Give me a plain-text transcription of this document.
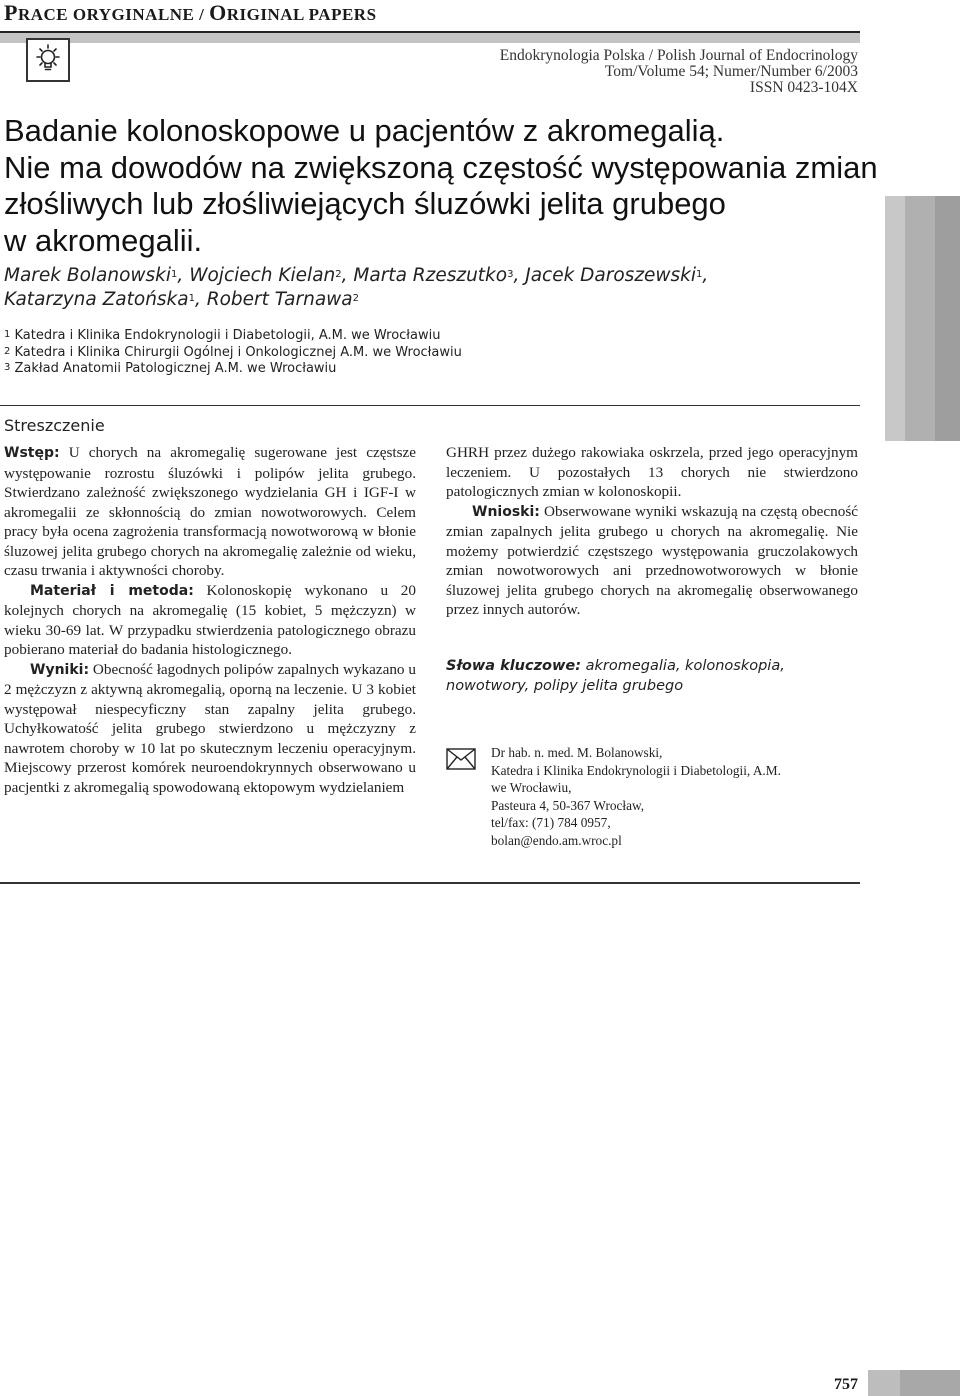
PRACE ORYGINALNE / ORIGINAL PAPERS
Endokrynologia Polska / Polish Journal of Endocrinology
Tom/Volume 54; Numer/Number 6/2003
ISSN 0423-104X
Badanie kolonoskopowe u pacjentów z akromegalią.
Nie ma dowodów na zwiększoną częstość występowania zmian
złośliwych lub złośliwiejących śluzówki jelita grubego
w akromegalii.
Marek Bolanowski$^1$, Wojciech Kielan$^2$, Marta Rzeszutko$^3$, Jacek Daroszewski$^1$,
Katarzyna Zatońska$^1$, Robert Tarnawa$^2$
$^1$ Katedra i Klinika Endokrynologii i Diabetologii, A.M. we Wrocławiu
$^2$ Katedra i Klinika Chirurgii Ogólnej i Onkologicznej A.M. we Wrocławiu
$^3$ Zakład Anatomii Patologicznej A.M. we Wrocławiu
Streszczenie

Wstęp: U chorych na akromegalię sugerowane jest częstsze występowanie rozrostu śluzówki i polipów jelita grubego. Stwierdzano zależność zwiększonego wydzielania GH i IGF-I w akromegalii ze skłonnością do zmian nowotworowych. Celem pracy była ocena zagrożenia transformacją nowotworową w błonie śluzowej jelita grubego chorych na akromegalię zależnie od wieku, czasu trwania i aktywności choroby.

Materiał i metoda: Kolonoskopię wykonano u 20 kolejnych chorych na akromegalię (15 kobiet, 5 mężczyzn) w wieku 30-69 lat. W przypadku stwierdzenia patologicznego obrazu pobierano materiał do badania histologicznego.

Wyniki: Obecność łagodnych polipów zapalnych wykazano u 2 mężczyzn z aktywną akromegalią, oporną na leczenie. U 3 kobiet występował niespecyficzny stan zapalny jelita grubego. Uchyłkowatość jelita grubego stwierdzono u mężczyzny z nawrotem choroby w 10 lat po skutecznym leczeniu operacyjnym. Miejscowy przerost komórek neuroendokrynnych obserwowano u pacjentki z akromegalią spowodowaną ektopowym wydzielaniem

GHRH przez dużego rakowiaka oskrzela, przed jego operacyjnym leczeniem. U pozostałych 13 chorych nie stwierdzono patologicznych zmian w kolonoskopii.

Wnioski: Obserwowane wyniki wskazują na częstą obecność zmian zapalnych jelita grubego u chorych na akromegalię. Nie możemy potwierdzić częstszego występowania gruczolakowych zmian nowotworowych ani przednowotworowych w błonie śluzowej jelita grubego chorych na akromegalię obserwowanego przez innych autorów.

Słowa kluczowe: akromegalia, kolonoskopia, nowotwory, polipy jelita grubego
Dr hab. n. med. M. Bolanowski,
Katedra i Klinika Endokrynologii i Diabetologii, A.M.
we Wrocławiu,
Pasteura 4, 50-367 Wrocław,
tel/fax: (71) 784 0957,
bolan@endo.am.wroc.pl
757
